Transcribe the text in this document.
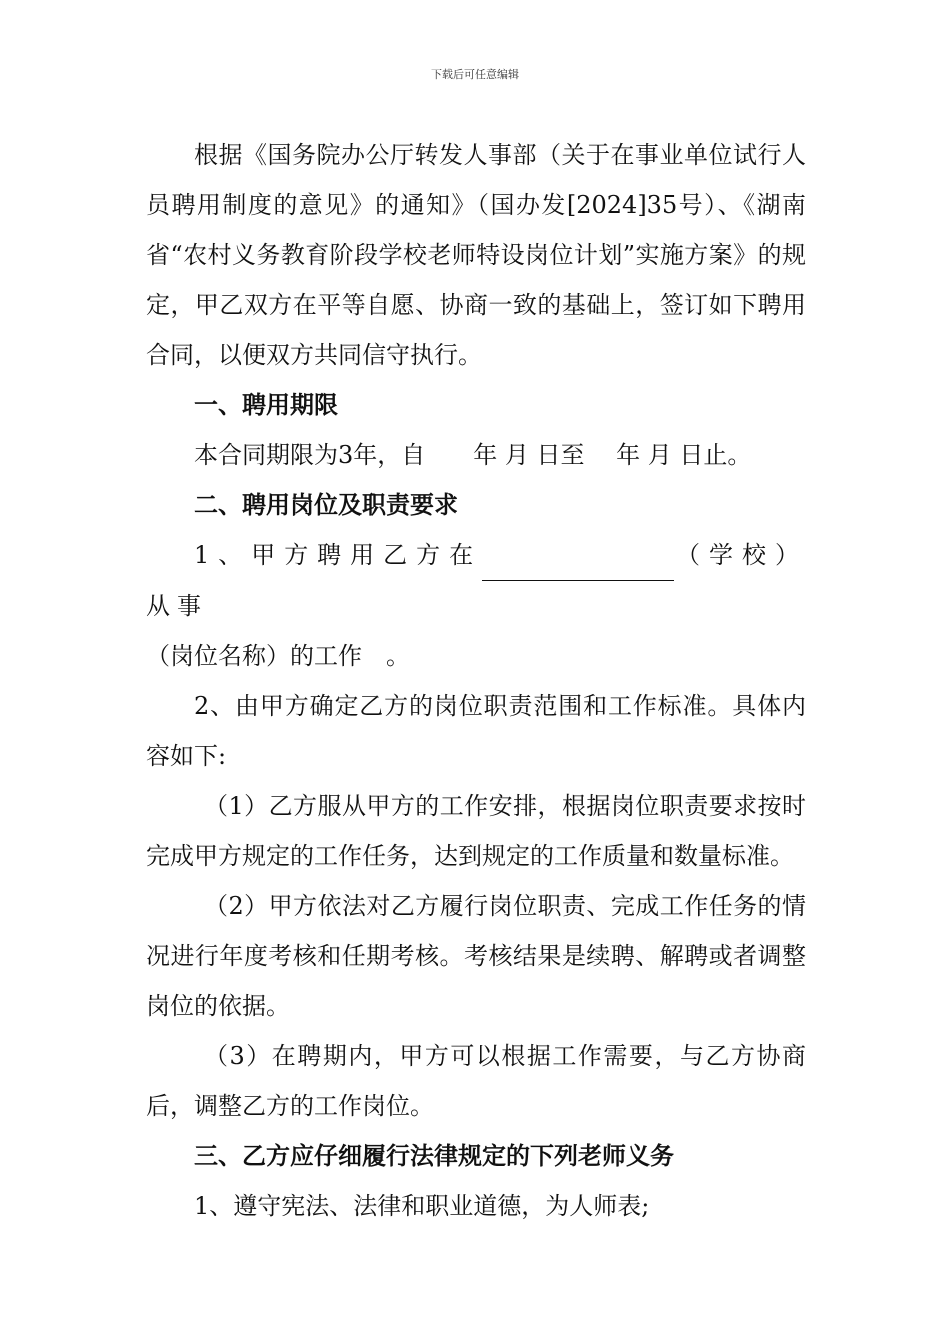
下载后可任意编辑

根据《国务院办公厅转发人事部（关于在事业单位试行人员聘用制度的意见》的通知》（国办发[2024]35号）、《湖南省“农村义务教育阶段学校老师特设岗位计划”实施方案》的规定，甲乙双方在平等自愿、协商一致的基础上，签订如下聘用合同，以便双方共同信守执行。

一、聘用期限

本合同期限为3年，自　　年 月 日至　 年 月 日止。

二、聘用岗位及职责要求

1、甲方聘用乙方在	（学校）从事

（岗位名称）的工作　。

2、由甲方确定乙方的岗位职责范围和工作标准。具体内容如下:

（1）乙方服从甲方的工作安排，根据岗位职责要求按时完成甲方规定的工作任务，达到规定的工作质量和数量标准。

（2）甲方依法对乙方履行岗位职责、完成工作任务的情况进行年度考核和任期考核。考核结果是续聘、解聘或者调整岗位的依据。

（3）在聘期内，甲方可以根据工作需要，与乙方协商后，调整乙方的工作岗位。

三、乙方应仔细履行法律规定的下列老师义务

1、遵守宪法、法律和职业道德，为人师表;
